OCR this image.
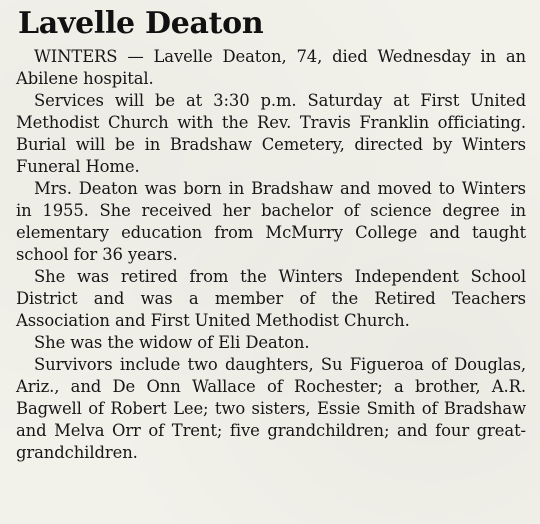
Lavelle Deaton

WINTERS — Lavelle Deaton, 74, died Wednesday in an Abilene hospital.

Services will be at 3:30 p.m. Saturday at First United Methodist Church with the Rev. Travis Franklin officiating. Burial will be in Bradshaw Cemetery, directed by Winters Funeral Home.

Mrs. Deaton was born in Bradshaw and moved to Winters in 1955. She received her bachelor of science degree in elementary education from McMurry College and taught school for 36 years.

She was retired from the Winters Independent School District and was a member of the Retired Teachers Association and First United Methodist Church.

She was the widow of Eli Deaton.

Survivors include two daughters, Su Figueroa of Douglas, Ariz., and De Onn Wallace of Rochester; a brother, A.R. Bagwell of Robert Lee; two sisters, Essie Smith of Bradshaw and Melva Orr of Trent; five grandchildren; and four great-grandchildren.
